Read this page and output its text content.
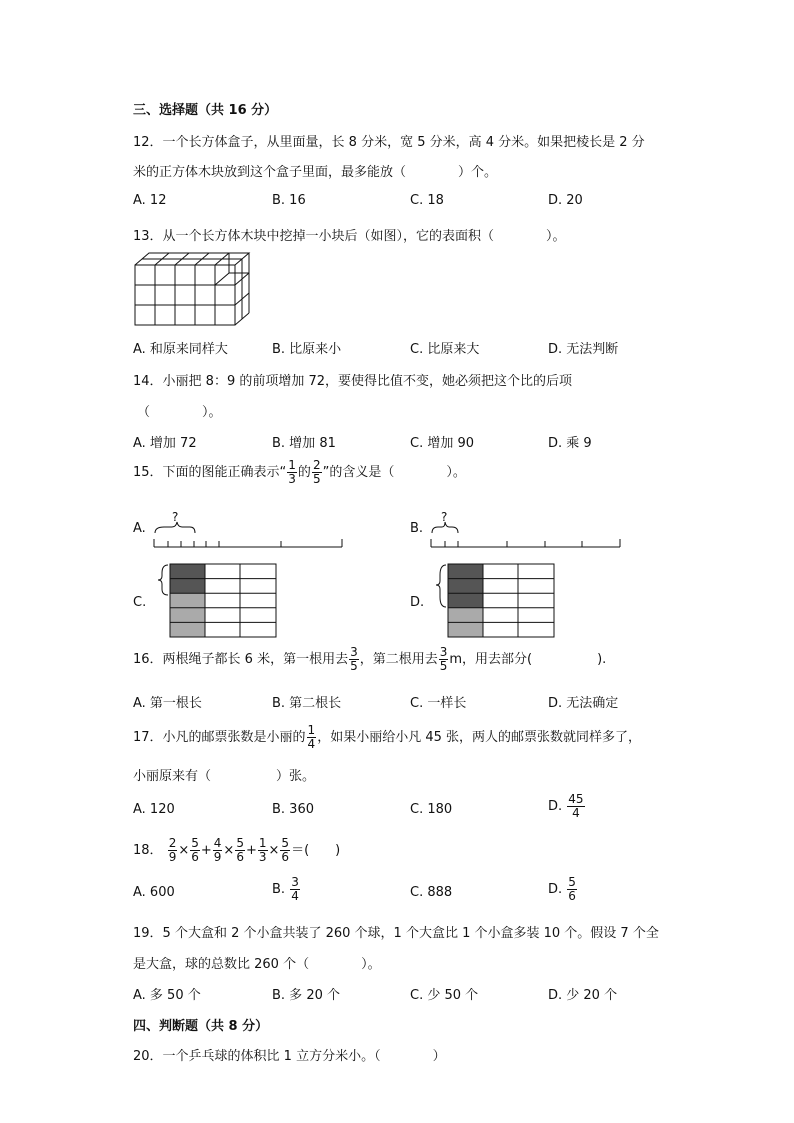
三、选择题（共 16 分）
12．一个长方体盒子，从里面量，长 8 分米，宽 5 分米，高 4 分米。如果把棱长是 2 分
米的正方体木块放到这个盒子里面，最多能放（　　　　）个。
A. 12	B. 16	C. 18	D. 20
13．从一个长方体木块中挖掉一小块后（如图），它的表面积（　　　　）。
A. 和原来同样大	B. 比原来小	C. 比原来大	D. 无法判断
14．小丽把 8：9 的前项增加 72，要使得比值不变，她必须把这个比的后项
（　　　　）。
A. 增加 72	B. 增加 81	C. 增加 90	D. 乘 9
15．下面的图能正确表示“ $\frac{1}{3}$ 的 $\frac{2}{5}$ ”的含义是（　　　　）。
A.
?
B.
?
C.	D.
16．两根绳子都长 6 米，第一根用去 $\frac{3}{5}$ ，第二根用去 $\frac{3}{5}$ m，用去部分(　　　　　).
A. 第一根长	B. 第二根长	C. 一样长	D. 无法确定
17．小凡的邮票张数是小丽的 $\frac{1}{4}$ ，如果小丽给小凡 45 张，两人的邮票张数就同样多了，
小丽原来有（　　　　　）张。
A. 120	B. 360	C. 180	D. $\frac{45}{4}$
18． $\frac{2}{9} \times \frac{5}{6} + \frac{4}{9} \times \frac{5}{6} + \frac{1}{3} \times \frac{5}{6}$ ＝(　　)
A. 600	B. $\frac{3}{4}$	C. 888	D. $\frac{5}{6}$
19．5 个大盒和 2 个小盒共装了 260 个球，1 个大盒比 1 个小盒多装 10 个。假设 7 个全
是大盒，球的总数比 260 个（　　　　）。
A. 多 50 个	B. 多 20 个	C. 少 50 个	D. 少 20 个
四、判断题（共 8 分）
20．一个乒乓球的体积比 1 立方分米小。（　　　　）
